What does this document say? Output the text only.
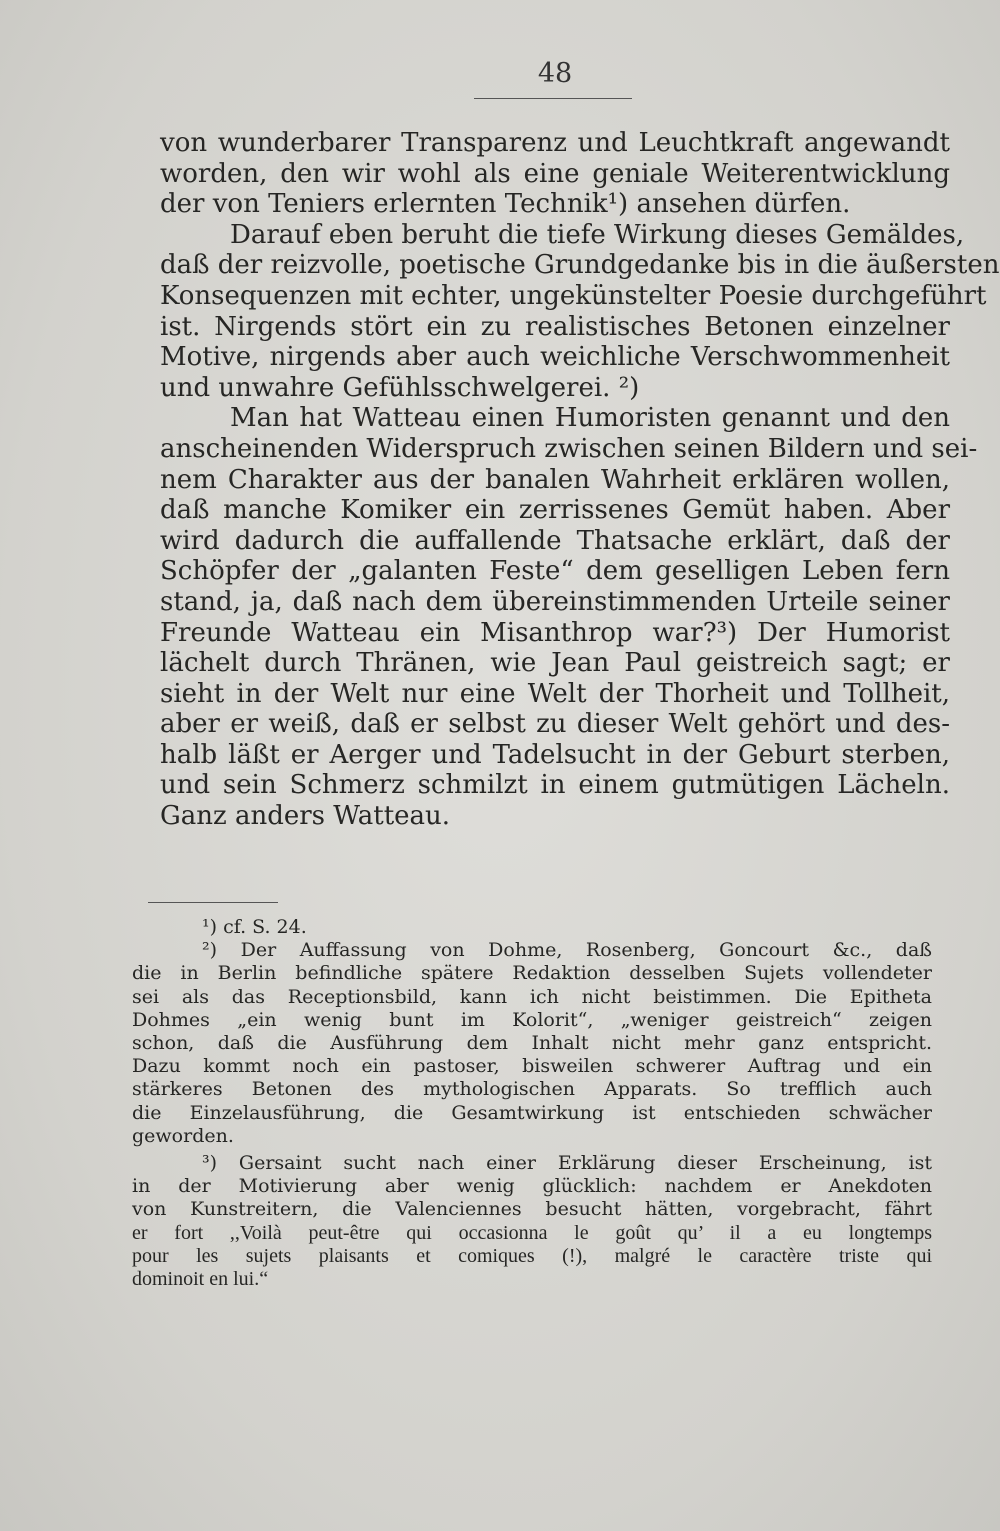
48
von wunderbarer Transparenz und Leuchtkraft angewandt
worden, den wir wohl als eine geniale Weiterentwicklung
der von Teniers erlernten Technik¹) ansehen dürfen.
Darauf eben beruht die tiefe Wirkung dieses Gemäldes,
daß der reizvolle, poetische Grundgedanke bis in die äußersten
Konsequenzen mit echter, ungekünstelter Poesie durchgeführt
ist. Nirgends stört ein zu realistisches Betonen einzelner
Motive, nirgends aber auch weichliche Verschwommenheit
und unwahre Gefühlsschwelgerei. ²)
Man hat Watteau einen Humoristen genannt und den
anscheinenden Widerspruch zwischen seinen Bildern und sei-
nem Charakter aus der banalen Wahrheit erklären wollen,
daß manche Komiker ein zerrissenes Gemüt haben. Aber
wird dadurch die auffallende Thatsache erklärt, daß der
Schöpfer der „galanten Feste“ dem geselligen Leben fern
stand, ja, daß nach dem übereinstimmenden Urteile seiner
Freunde Watteau ein Misanthrop war?³) Der Humorist
lächelt durch Thränen, wie Jean Paul geistreich sagt; er
sieht in der Welt nur eine Welt der Thorheit und Tollheit,
aber er weiß, daß er selbst zu dieser Welt gehört und des-
halb läßt er Aerger und Tadelsucht in der Geburt sterben,
und sein Schmerz schmilzt in einem gutmütigen Lächeln.
Ganz anders Watteau.
¹) cf. S. 24.
²) Der Auffassung von Dohme, Rosenberg, Goncourt &c., daß
die in Berlin befindliche spätere Redaktion desselben Sujets vollendeter
sei als das Receptionsbild, kann ich nicht beistimmen. Die Epitheta
Dohmes „ein wenig bunt im Kolorit“, „weniger geistreich“ zeigen
schon, daß die Ausführung dem Inhalt nicht mehr ganz entspricht.
Dazu kommt noch ein pastoser, bisweilen schwerer Auftrag und ein
stärkeres Betonen des mythologischen Apparats. So trefflich auch
die Einzelausführung, die Gesamtwirkung ist entschieden schwächer
geworden.
³) Gersaint sucht nach einer Erklärung dieser Erscheinung, ist
in der Motivierung aber wenig glücklich: nachdem er Anekdoten
von Kunstreitern, die Valenciennes besucht hätten, vorgebracht, fährt
er fort ,,Voilà peut-être qui occasionna le goût qu’ il a eu longtemps
pour les sujets plaisants et comiques (!), malgré le caractère triste qui
dominoit en lui.“
